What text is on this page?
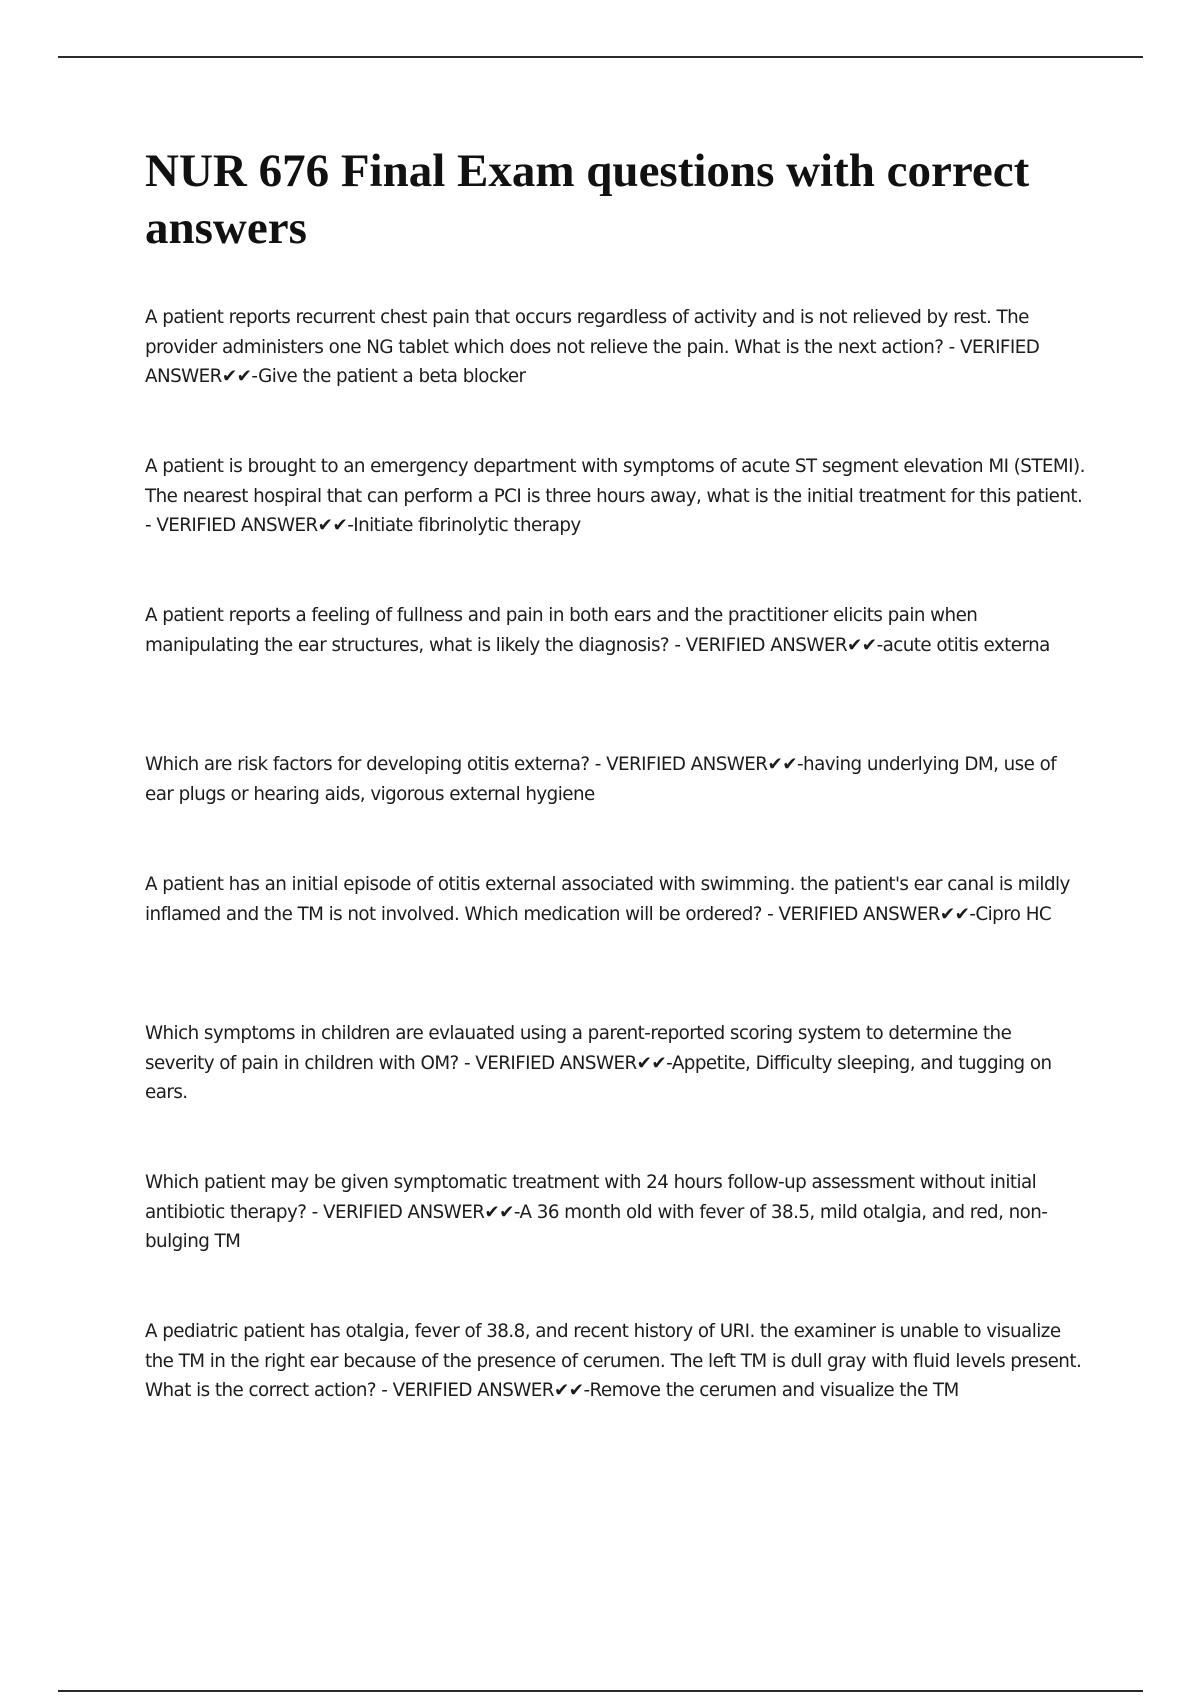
NUR 676 Final Exam questions with correct answers

A patient reports recurrent chest pain that occurs regardless of activity and is not relieved by rest. The provider administers one NG tablet which does not relieve the pain. What is the next action? - VERIFIED ANSWER✔✔-Give the patient a beta blocker

A patient is brought to an emergency department with symptoms of acute ST segment elevation MI (STEMI). The nearest hospiral that can perform a PCI is three hours away, what is the initial treatment for this patient. - VERIFIED ANSWER✔✔-Initiate fibrinolytic therapy

A patient reports a feeling of fullness and pain in both ears and the practitioner elicits pain when manipulating the ear structures, what is likely the diagnosis? - VERIFIED ANSWER✔✔-acute otitis externa

Which are risk factors for developing otitis externa? - VERIFIED ANSWER✔✔-having underlying DM, use of ear plugs or hearing aids, vigorous external hygiene

A patient has an initial episode of otitis external associated with swimming. the patient's ear canal is mildly inflamed and the TM is not involved. Which medication will be ordered? - VERIFIED ANSWER✔✔-Cipro HC

Which symptoms in children are evlauated using a parent-reported scoring system to determine the severity of pain in children with OM? - VERIFIED ANSWER✔✔-Appetite, Difficulty sleeping, and tugging on ears.

Which patient may be given symptomatic treatment with 24 hours follow-up assessment without initial antibiotic therapy? - VERIFIED ANSWER✔✔-A 36 month old with fever of 38.5, mild otalgia, and red, non-bulging TM

A pediatric patient has otalgia, fever of 38.8, and recent history of URI. the examiner is unable to visualize the TM in the right ear because of the presence of cerumen. The left TM is dull gray with fluid levels present. What is the correct action? - VERIFIED ANSWER✔✔-Remove the cerumen and visualize the TM
